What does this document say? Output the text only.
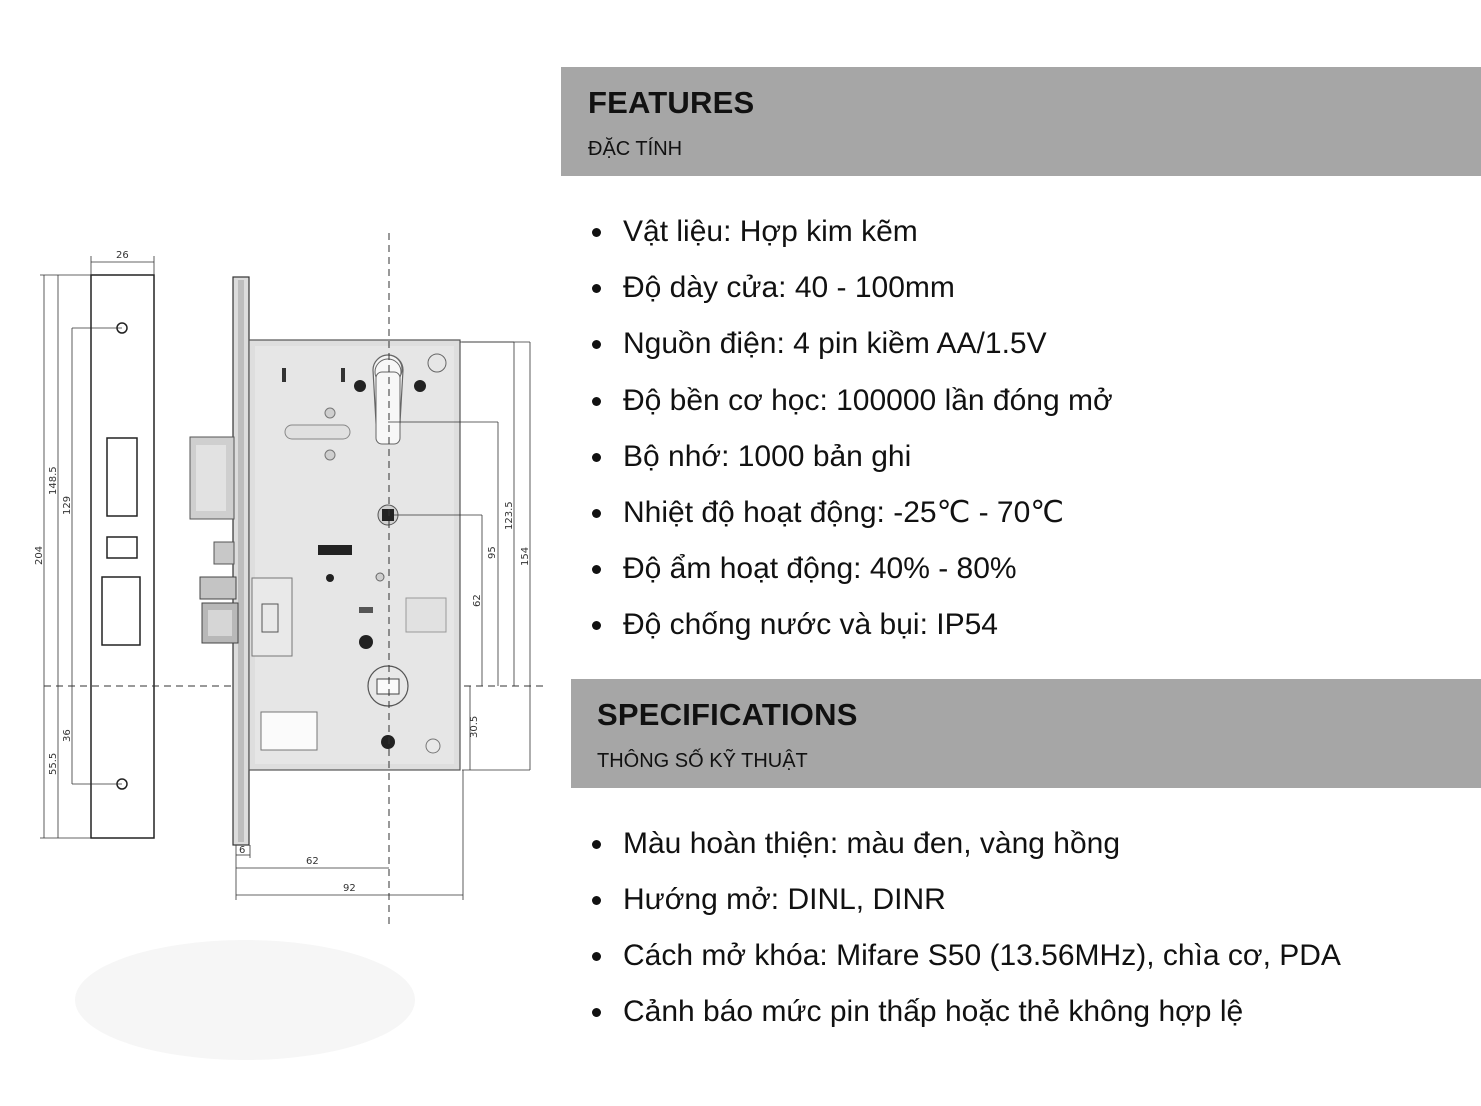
26
204
148.5
129
55.5
36
123.5
154
95
62
30.5
6
62
92
FEATURES
ĐẶC TÍNH
Vật liệu: Hợp kim kẽm
Độ dày cửa: 40 - 100mm
Nguồn điện: 4 pin kiềm AA/1.5V
Độ bền cơ học: 100000 lần đóng mở
Bộ nhớ: 1000 bản ghi
Nhiệt độ hoạt động: -25℃ - 70℃
Độ ẩm hoạt động: 40% - 80%
Độ chống nước và bụi: IP54
SPECIFICATIONS
THÔNG SỐ KỸ THUẬT
Màu hoàn thiện: màu đen, vàng hồng
Hướng mở: DINL, DINR
Cách mở khóa: Mifare S50 (13.56MHz), chìa cơ, PDA
Cảnh báo mức pin thấp hoặc thẻ không hợp lệ
